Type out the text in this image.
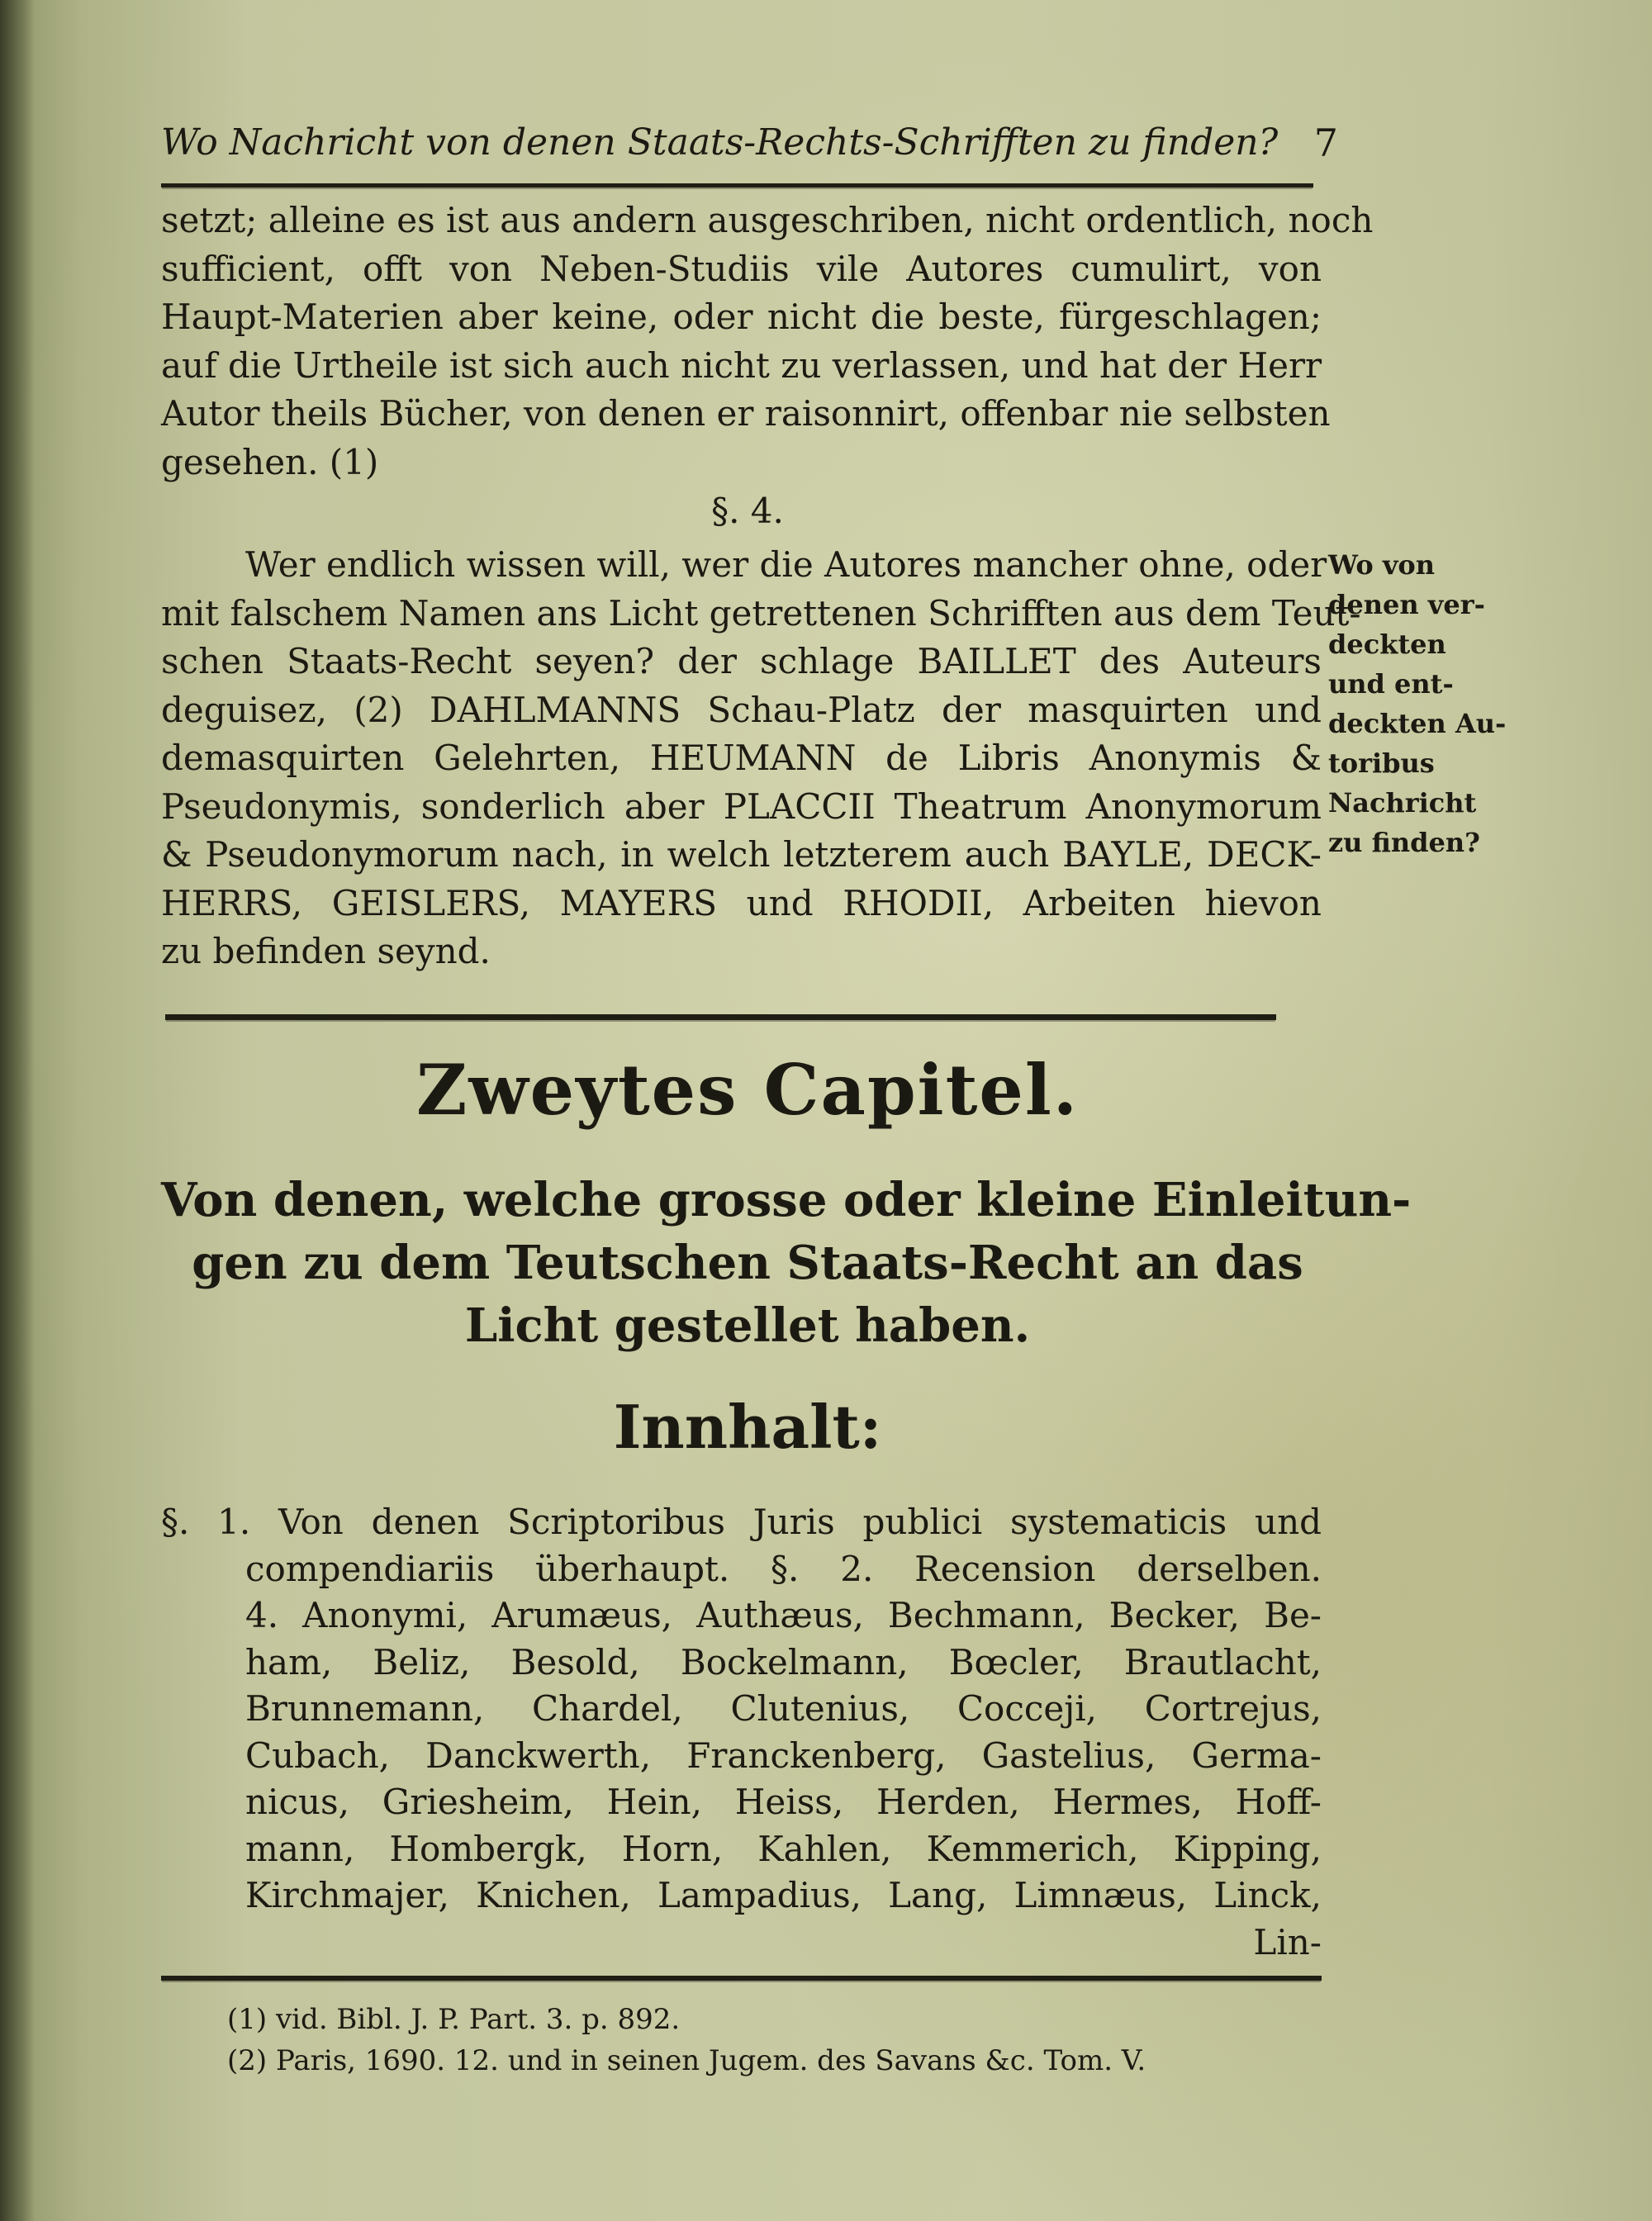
Wo Nachricht von denen Staats-Rechts-Schrifften zu finden? 7
setzt; alleine es ist aus andern ausgeschriben, nicht ordentlich, noch
sufficient, offt von Neben-Studiis vile Autores cumulirt, von
Haupt-Materien aber keine, oder nicht die beste, fürgeschlagen;
auf die Urtheile ist sich auch nicht zu verlassen, und hat der Herr
Autor theils Bücher, von denen er raisonnirt, offenbar nie selbsten
gesehen. (1)
§. 4.
Wer endlich wissen will, wer die Autores mancher ohne, oder
mit falschem Namen ans Licht getrettenen Schrifften aus dem Teut-
schen Staats-Recht seyen? der schlage BAILLET des Auteurs
deguisez, (2) DAHLMANNS Schau-Platz der masquirten und
demasquirten Gelehrten, HEUMANN de Libris Anonymis &
Pseudonymis, sonderlich aber PLACCII Theatrum Anonymorum
& Pseudonymorum nach, in welch letzterem auch BAYLE, DECK-
HERRS, GEISLERS, MAYERS und RHODII, Arbeiten hievon
zu befinden seynd.
Wo von
denen ver-
deckten
und ent-
deckten Au-
toribus
Nachricht
zu finden?
Zweytes Capitel.
Von denen, welche grosse oder kleine Einleitun-
gen zu dem Teutschen Staats-Recht an das
Licht gestellet haben.
Innhalt:
§. 1. Von denen Scriptoribus Juris publici systematicis und
compendiariis überhaupt. §. 2. Recension derselben.
4. Anonymi, Arumæus, Authæus, Bechmann, Becker, Be-
ham, Beliz, Besold, Bockelmann, Bœcler, Brautlacht,
Brunnemann, Chardel, Clutenius, Cocceji, Cortrejus,
Cubach, Danckwerth, Franckenberg, Gastelius, Germa-
nicus, Griesheim, Hein, Heiss, Herden, Hermes, Hoff-
mann, Hombergk, Horn, Kahlen, Kemmerich, Kipping,
Kirchmajer, Knichen, Lampadius, Lang, Limnæus, Linck,
Lin-
(1) vid. Bibl. J. P. Part. 3. p. 892.
(2) Paris, 1690. 12. und in seinen Jugem. des Savans &c. Tom. V.
